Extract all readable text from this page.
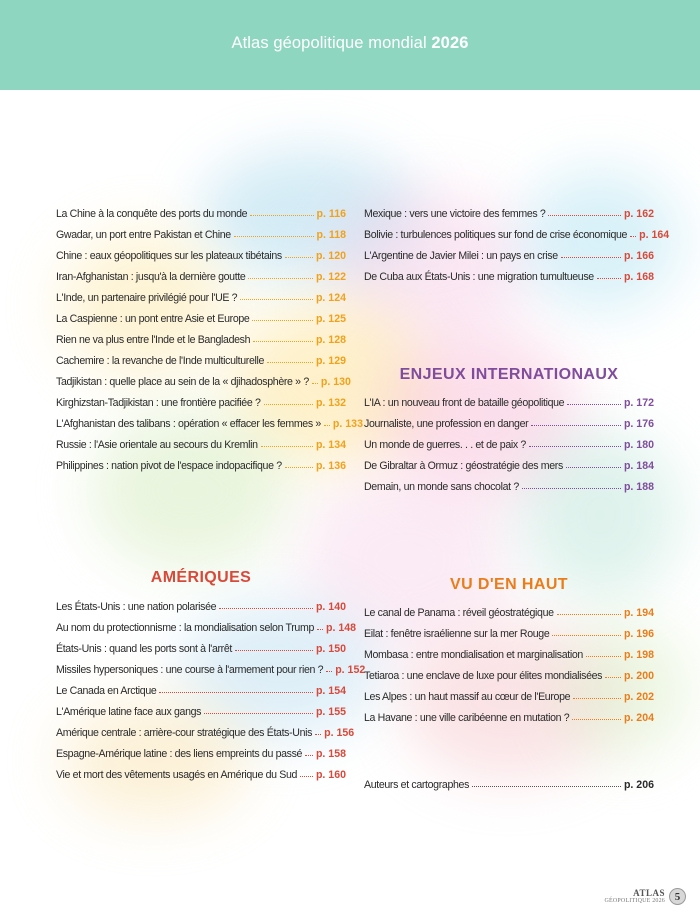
Atlas géopolitique mondial 2026
La Chine à la conquête des ports du monde	p. 116
Gwadar, un port entre Pakistan et Chine	p. 118
Chine : eaux géopolitiques sur les plateaux tibétains	p. 120
Iran-Afghanistan : jusqu'à la dernière goutte	p. 122
L'Inde, un partenaire privilégié pour l'UE ?	p. 124
La Caspienne : un pont entre Asie et Europe	p. 125
Rien ne va plus entre l'Inde et le Bangladesh	p. 128
Cachemire : la revanche de l'Inde multiculturelle	p. 129
Tadjikistan : quelle place au sein de la « djihadosphère » ? p. 130
Kirghizstan-Tadjikistan : une frontière pacifiée ?	p. 132
L'Afghanistan des talibans : opération « effacer les femmes » p. 133
Russie : l'Asie orientale au secours du Kremlin	p. 134
Philippines : nation pivot de l'espace indopacifique ?	p. 136
Mexique : vers une victoire des femmes ?	p. 162
Bolivie : turbulences politiques sur fond de crise économique p. 164
L'Argentine de Javier Milei : un pays en crise	p. 166
De Cuba aux États-Unis : une migration tumultueuse	p. 168
ENJEUX INTERNATIONAUX
L'IA : un nouveau front de bataille géopolitique	p. 172
Journaliste, une profession en danger	p. 176
Un monde de guerres. . . et de paix ?	p. 180
De Gibraltar à Ormuz : géostratégie des mers	p. 184
Demain, un monde sans chocolat ?	p. 188
AMÉRIQUES
Les États-Unis : une nation polarisée	p. 140
Au nom du protectionnisme : la mondialisation selon Trump p. 148
États-Unis : quand les ports sont à l'arrêt	p. 150
Missiles hypersoniques : une course à l'armement pour rien ? p. 152
Le Canada en Arctique	p. 154
L'Amérique latine face aux gangs	p. 155
Amérique centrale : arrière-cour stratégique des États-Unis p. 156
Espagne-Amérique latine : des liens empreints du passé p. 158
Vie et mort des vêtements usagés en Amérique du Sud p. 160
VU D'EN HAUT
Le canal de Panama : réveil géostratégique	p. 194
Eilat : fenêtre israélienne sur la mer Rouge	p. 196
Mombasa : entre mondialisation et marginalisation	p. 198
Tetiaroa : une enclave de luxe pour élites mondialisées p. 200
Les Alpes : un haut massif au cœur de l'Europe	p. 202
La Havane : une ville caribéenne en mutation ?	p. 204
Auteurs et cartographes	p. 206
ATLAS
GÉOPOLITIQUE 2026 5
